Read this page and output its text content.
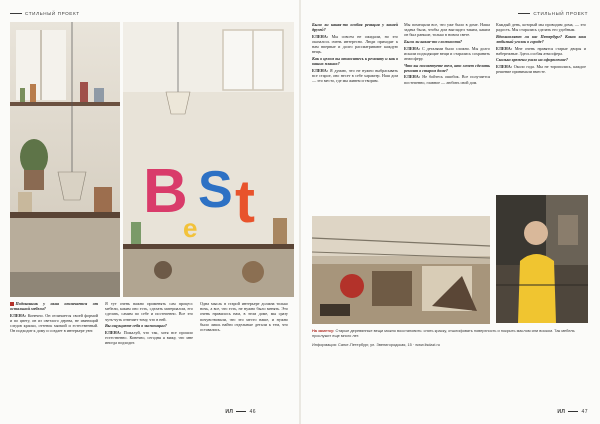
СТИЛЬНЫЙ ПРОЕКТ
B S t
e

Подоконник у окна отличается от остальной мебели?

ЕЛЕНА: Конечно. Он отличается своей формой и по цвету, он из светлого дерева, не имеющий следов краски, оттенок мягкий и естественный. Он подходит к дому и создает в интерьере уют.

Я тут очень важно применять сам процесс мебели, каким оно есть, сделать материалом, его сделать, самим по себе и постепенно. Все это чуть-чуть отвечает тому, что в ней.

Вы ощущаете себя в экспозиции?

ЕЛЕНА: Пожалуй, что так, хотя все прошло естественно. Конечно, сегодня я вижу, что мне иногда подходит.

Одна мысль в старой интерьере должна только ночь, а все, что есть, не нужно было менять. Это очень нравилось нам, в этом доме, мы сразу почувствовали, что это место наше, и нужно было лишь найти отдельные детали к тем, что оставались.

ИЛ	46
СТИЛЬНЫЙ ПРОЕКТ

Была ли какая-то особая реакция у вашей друзей?

ЕЛЕНА: Мы совсем не ожидали, но это оказалось очень интересно. Люди приходят к нам впервые и долго рассматривают каждую вещь.

Как в целом вы относитесь к ремонту и как в ваших планах?

ЕЛЕНА: Я думаю, что не нужно выбрасывать все старое, оно несет в себе характер. Наш дом — это место, где мы живем и творим.

Мы помещали все, что уже было в доме. Наша задача была, чтобы дом выглядел таким, каким он был раньше, только в новом свете.

Были ли какие-то сложности?

ЕЛЕНА: С деталями было сложно. Мы долго искали подходящие вещи и старались сохранить атмосферу.

Что вы посоветуете тем, кто хочет сделать ремонт в старом доме?

ЕЛЕНА: Не бойтесь ошибок. Все получается постепенно, главное — любить свой дом.

Каждый день, который мы проводим дома, — это радость. Мы старались сделать его удобным.

Вдохновляют ли вас Петербург? Каков ваш любимый уголок в городе?

ЕЛЕНА: Мне очень нравятся старые дворы и набережные. Здесь особая атмосфера.

Сколько времени ушло на оформление?

ЕЛЕНА: Около года. Мы не торопились, каждое решение принимали вместе.

На заметку: Старые деревянные вещи можно восстановить: снять краску, отшлифовать поверхность и покрыть маслом или воском. Так мебель прослужит еще много лет.
Информация: Санкт-Петербург, ул. Звенигородская, 15 · www.lisdazi.ru
ИЛ	47
